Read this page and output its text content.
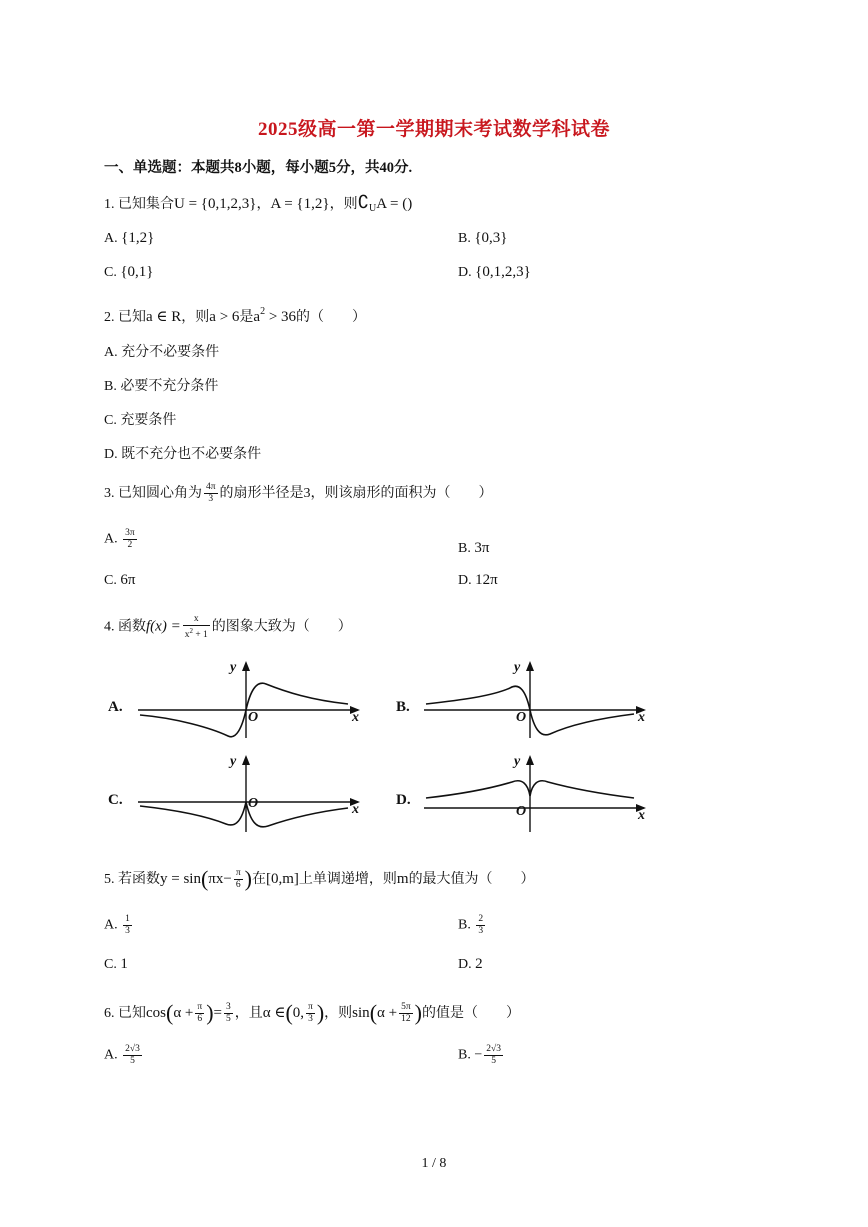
2025级高一第一学期期末考试数学科试卷
一、单选题：本题共8小题，每小题5分，共40分.
1. 已知集合U = {0,1,2,3}，A = {1,2}，则$∁_UA$ = ()
A. {1,2}	B. {0,3}
C. {0,1}	D. {0,1,2,3}
2. 已知a ∈ R，则a > 6是$a^2 > 36$的（　　）
A. 充分不必要条件
B. 必要不充分条件
C. 充要条件
D. 既不充分也不必要条件
3. 已知圆心角为 $\frac{4\pi}{3}$ 的扇形半径是3，则该扇形的面积为（　　）
A. $\frac{3\pi}{2}$	B. 3π
C. 6π	D. 12π
4. 函数$f(x) = \frac{x}{x^2 + 1}$ 的图象大致为（　　）
A.
y
x
O
B.
y
x
O
C.
y
x
O	D.
y
x
O
5. 若函数$y = \sin(\pi x- \frac{\pi}{6}$ )在[0,m]上单调递增，则m的最大值为（　　）
A. $\frac{1}{3}$	B. $\frac{2}{3}$
C. 1	D. 2
6. 已知$\cos(\alpha + \frac{\pi}{6}$ )= $\frac{3}{5}$ ，且α ∈(0, $\frac{\pi}{3}$ )，则$\sin(\alpha + \frac{5\pi}{12}$ )的值是（　　）
A. $\frac{2√3}{5}$	B. − $\frac{2√3}{5}$
1 / 8
